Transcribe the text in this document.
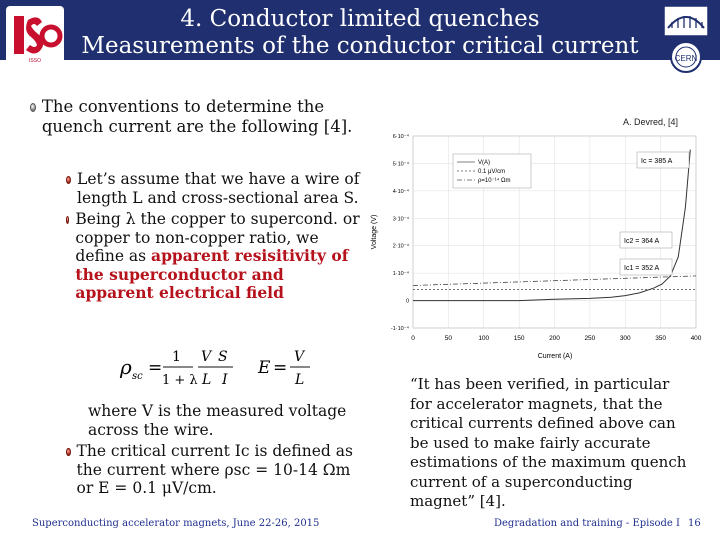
ISSO
4. Conductor limited quenches
Measurements of the conductor critical current	CERN
The conventions to determine the quench current are the following [4].
Let’s assume that we have a wire of length L and cross-sectional area S.
Being λ the copper to supercond. or copper to non-copper ratio, we define as apparent resisitivity of the superconductor and apparent electrical field
ρ sc =
1
1 + λ
V S
L I
E =
V
L
where V is the measured voltage across the wire.
The critical current Ic is defined as the current where ρsc = 10-14 Ωm or E = 0.1 μV/cm.
A. Devred, [4]
0	50	100	150	200	250	300	350	400
6·10⁻⁴
5·10⁻⁴
4·10⁻⁴
3·10⁻⁴
2·10⁻⁴
1·10⁻⁴
0
-1·10⁻⁴
Current (A)
Voltage (V)
V(A)
0.1 μV/cm
ρ=10⁻¹⁴ Ωm
Ic = 385 A
Ic2 = 364 A
Ic1 = 352 A
“It has been verified, in particular for accelerator magnets, that the critical currents defined above can be used to make fairly accurate estimations of the maximum quench current of a superconducting magnet” [4].
Superconducting accelerator magnets, June 22-26, 2015	Degradation and training - Episode I 16
